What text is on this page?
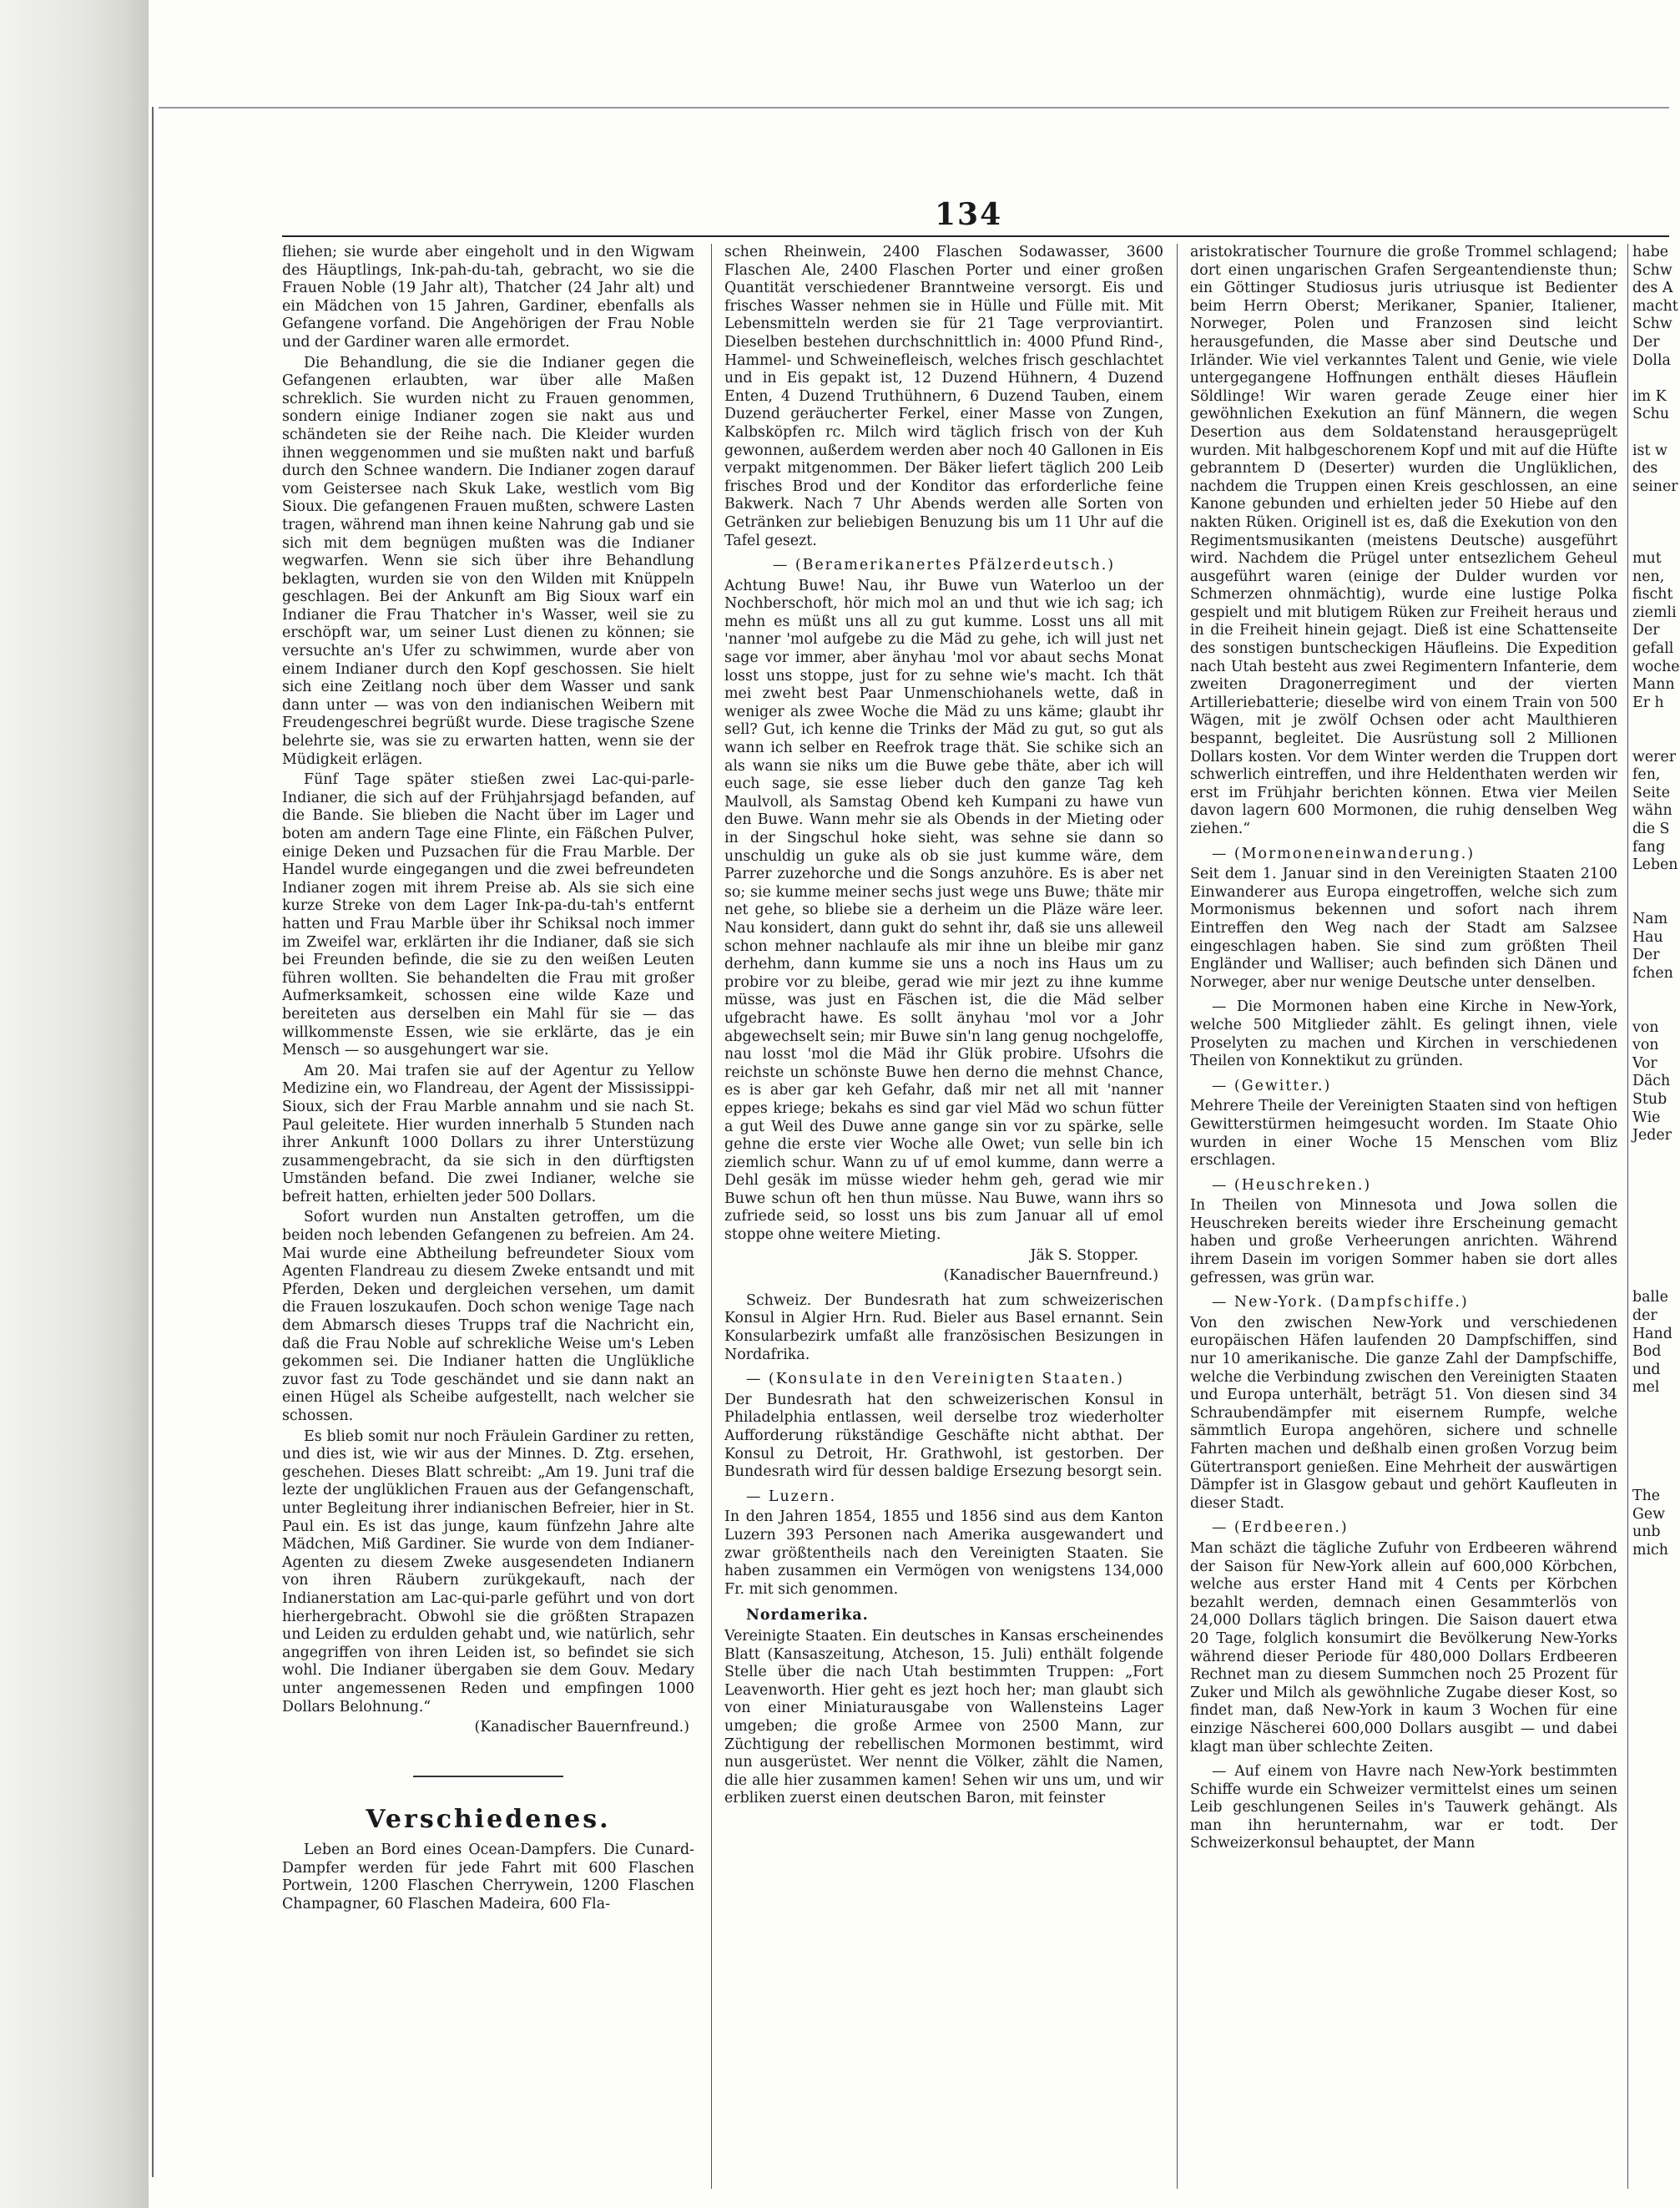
134

fliehen; sie wurde aber eingeholt und in den Wigwam des Häuptlings, Ink-pah-du-tah, gebracht, wo sie die Frauen Noble (19 Jahr alt), Thatcher (24 Jahr alt) und ein Mädchen von 15 Jahren, Gardiner, ebenfalls als Gefangene vorfand. Die Angehörigen der Frau Noble und der Gardiner waren alle ermordet.

Die Behandlung, die sie die Indianer gegen die Gefangenen erlaubten, war über alle Maßen schreklich. Sie wurden nicht zu Frauen genommen, sondern einige Indianer zogen sie nakt aus und schändeten sie der Reihe nach. Die Kleider wurden ihnen weggenommen und sie mußten nakt und barfuß durch den Schnee wandern. Die Indianer zogen darauf vom Geistersee nach Skuk Lake, westlich vom Big Sioux. Die gefangenen Frauen mußten, schwere Lasten tragen, während man ihnen keine Nahrung gab und sie sich mit dem begnügen mußten was die Indianer wegwarfen. Wenn sie sich über ihre Behandlung beklagten, wurden sie von den Wilden mit Knüppeln geschlagen. Bei der Ankunft am Big Sioux warf ein Indianer die Frau Thatcher in's Wasser, weil sie zu erschöpft war, um seiner Lust dienen zu können; sie versuchte an's Ufer zu schwimmen, wurde aber von einem Indianer durch den Kopf geschossen. Sie hielt sich eine Zeitlang noch über dem Wasser und sank dann unter — was von den indianischen Weibern mit Freudengeschrei begrüßt wurde. Diese tragische Szene belehrte sie, was sie zu erwarten hatten, wenn sie der Müdigkeit erlägen.

Fünf Tage später stießen zwei Lac-qui-parle-Indianer, die sich auf der Frühjahrsjagd befanden, auf die Bande. Sie blieben die Nacht über im Lager und boten am andern Tage eine Flinte, ein Fäßchen Pulver, einige Deken und Puzsachen für die Frau Marble. Der Handel wurde eingegangen und die zwei befreundeten Indianer zogen mit ihrem Preise ab. Als sie sich eine kurze Streke von dem Lager Ink-pa-du-tah's entfernt hatten und Frau Marble über ihr Schiksal noch immer im Zweifel war, erklärten ihr die Indianer, daß sie sich bei Freunden befinde, die sie zu den weißen Leuten führen wollten. Sie behandelten die Frau mit großer Aufmerksamkeit, schossen eine wilde Kaze und bereiteten aus derselben ein Mahl für sie — das willkommenste Essen, wie sie erklärte, das je ein Mensch — so ausgehungert war sie.

Am 20. Mai trafen sie auf der Agentur zu Yellow Medizine ein, wo Flandreau, der Agent der Mississippi-Sioux, sich der Frau Marble annahm und sie nach St. Paul geleitete. Hier wurden innerhalb 5 Stunden nach ihrer Ankunft 1000 Dollars zu ihrer Unterstüzung zusammengebracht, da sie sich in den dürftigsten Umständen befand. Die zwei Indianer, welche sie befreit hatten, erhielten jeder 500 Dollars.

Sofort wurden nun Anstalten getroffen, um die beiden noch lebenden Gefangenen zu befreien. Am 24. Mai wurde eine Abtheilung befreundeter Sioux vom Agenten Flandreau zu diesem Zweke entsandt und mit Pferden, Deken und dergleichen versehen, um damit die Frauen loszukaufen. Doch schon wenige Tage nach dem Abmarsch dieses Trupps traf die Nachricht ein, daß die Frau Noble auf schrekliche Weise um's Leben gekommen sei. Die Indianer hatten die Unglükliche zuvor fast zu Tode geschändet und sie dann nakt an einen Hügel als Scheibe aufgestellt, nach welcher sie schossen.

Es blieb somit nur noch Fräulein Gardiner zu retten, und dies ist, wie wir aus der Minnes. D. Ztg. ersehen, geschehen. Dieses Blatt schreibt: „Am 19. Juni traf die lezte der unglüklichen Frauen aus der Gefangenschaft, unter Begleitung ihrer indianischen Befreier, hier in St. Paul ein. Es ist das junge, kaum fünfzehn Jahre alte Mädchen, Miß Gardiner. Sie wurde von dem Indianer-Agenten zu diesem Zweke ausgesendeten Indianern von ihren Räubern zurükgekauft, nach der Indianerstation am Lac-qui-parle geführt und von dort hierhergebracht. Obwohl sie die größten Strapazen und Leiden zu erdulden gehabt und, wie natürlich, sehr angegriffen von ihren Leiden ist, so befindet sie sich wohl. Die Indianer übergaben sie dem Gouv. Medary unter angemessenen Reden und empfingen 1000 Dollars Belohnung.“

(Kanadischer Bauernfreund.)

Verschiedenes.

Leben an Bord eines Ocean-Dampfers. Die Cunard-Dampfer werden für jede Fahrt mit 600 Flaschen Portwein, 1200 Flaschen Cherrywein, 1200 Flaschen Champagner, 60 Flaschen Madeira, 600 Fla-

schen Rheinwein, 2400 Flaschen Sodawasser, 3600 Flaschen Ale, 2400 Flaschen Porter und einer großen Quantität verschiedener Branntweine versorgt. Eis und frisches Wasser nehmen sie in Hülle und Fülle mit. Mit Lebensmitteln werden sie für 21 Tage verproviantirt. Dieselben bestehen durchschnittlich in: 4000 Pfund Rind-, Hammel- und Schweinefleisch, welches frisch geschlachtet und in Eis gepakt ist, 12 Duzend Hühnern, 4 Duzend Enten, 4 Duzend Truthühnern, 6 Duzend Tauben, einem Duzend geräucherter Ferkel, einer Masse von Zungen, Kalbsköpfen rc. Milch wird täglich frisch von der Kuh gewonnen, außerdem werden aber noch 40 Gallonen in Eis verpakt mitgenommen. Der Bäker liefert täglich 200 Leib frisches Brod und der Konditor das erforderliche feine Bakwerk. Nach 7 Uhr Abends werden alle Sorten von Getränken zur beliebigen Benuzung bis um 11 Uhr auf die Tafel gesezt.

— (Beramerikanertes Pfälzerdeutsch.)

Achtung Buwe! Nau, ihr Buwe vun Waterloo un der Nochberschoft, hör mich mol an und thut wie ich sag; ich mehn es müßt uns all zu gut kumme. Losst uns all mit 'nanner 'mol aufgebe zu die Mäd zu gehe, ich will just net sage vor immer, aber änyhau 'mol vor abaut sechs Monat losst uns stoppe, just for zu sehne wie's macht. Ich thät mei zweht best Paar Unmenschiohanels wette, daß in weniger als zwee Woche die Mäd zu uns käme; glaubt ihr sell? Gut, ich kenne die Trinks der Mäd zu gut, so gut als wann ich selber en Reefrok trage thät. Sie schike sich an als wann sie niks um die Buwe gebe thäte, aber ich will euch sage, sie esse lieber duch den ganze Tag keh Maulvoll, als Samstag Obend keh Kumpani zu hawe vun den Buwe. Wann mehr sie als Obends in der Mieting oder in der Singschul hoke sieht, was sehne sie dann so unschuldig un guke als ob sie just kumme wäre, dem Parrer zuzehorche und die Songs anzuhöre. Es is aber net so; sie kumme meiner sechs just wege uns Buwe; thäte mir net gehe, so bliebe sie a derheim un die Pläze wäre leer. Nau konsidert, dann gukt do sehnt ihr, daß sie uns alleweil schon mehner nachlaufe als mir ihne un bleibe mir ganz derhehm, dann kumme sie uns a noch ins Haus um zu probire vor zu bleibe, gerad wie mir jezt zu ihne kumme müsse, was just en Fäschen ist, die die Mäd selber ufgebracht hawe. Es sollt änyhau 'mol vor a Johr abgewechselt sein; mir Buwe sin'n lang genug nochgeloffe, nau losst 'mol die Mäd ihr Glük probire. Ufsohrs die reichste un schönste Buwe hen derno die mehnst Chance, es is aber gar keh Gefahr, daß mir net all mit 'nanner eppes kriege; bekahs es sind gar viel Mäd wo schun fütter a gut Weil des Duwe anne gange sin vor zu spärke, selle gehne die erste vier Woche alle Owet; vun selle bin ich ziemlich schur. Wann zu uf uf emol kumme, dann werre a Dehl gesäk im müsse wieder hehm geh, gerad wie mir Buwe schun oft hen thun müsse. Nau Buwe, wann ihrs so zufriede seid, so losst uns bis zum Januar all uf emol stoppe ohne weitere Mieting.

Jäk S. Stopper.

(Kanadischer Bauernfreund.)

Schweiz. Der Bundesrath hat zum schweizerischen Konsul in Algier Hrn. Rud. Bieler aus Basel ernannt. Sein Konsularbezirk umfaßt alle französischen Besizungen in Nordafrika.

— (Konsulate in den Vereinigten Staaten.)

Der Bundesrath hat den schweizerischen Konsul in Philadelphia entlassen, weil derselbe troz wiederholter Aufforderung rükständige Geschäfte nicht abthat. Der Konsul zu Detroit, Hr. Grathwohl, ist gestorben. Der Bundesrath wird für dessen baldige Ersezung besorgt sein.

— Luzern.

In den Jahren 1854, 1855 und 1856 sind aus dem Kanton Luzern 393 Personen nach Amerika ausgewandert und zwar größtentheils nach den Vereinigten Staaten. Sie haben zusammen ein Vermögen von wenigstens 134,000 Fr. mit sich genommen.

Nordamerika.

Vereinigte Staaten. Ein deutsches in Kansas erscheinendes Blatt (Kansaszeitung, Atcheson, 15. Juli) enthält folgende Stelle über die nach Utah bestimmten Truppen: „Fort Leavenworth. Hier geht es jezt hoch her; man glaubt sich von einer Miniaturausgabe von Wallensteins Lager umgeben; die große Armee von 2500 Mann, zur Züchtigung der rebellischen Mormonen bestimmt, wird nun ausgerüstet. Wer nennt die Völker, zählt die Namen, die alle hier zusammen kamen! Sehen wir uns um, und wir erbliken zuerst einen deutschen Baron, mit feinster

aristokratischer Tournure die große Trommel schlagend; dort einen ungarischen Grafen Sergeantendienste thun; ein Göttinger Studiosus juris utriusque ist Bedienter beim Herrn Oberst; Merikaner, Spanier, Italiener, Norweger, Polen und Franzosen sind leicht herausgefunden, die Masse aber sind Deutsche und Irländer. Wie viel verkanntes Talent und Genie, wie viele untergegangene Hoffnungen enthält dieses Häuflein Söldlinge! Wir waren gerade Zeuge einer hier gewöhnlichen Exekution an fünf Männern, die wegen Desertion aus dem Soldatenstand herausgeprügelt wurden. Mit halbgeschorenem Kopf und mit auf die Hüfte gebranntem D (Deserter) wurden die Unglüklichen, nachdem die Truppen einen Kreis geschlossen, an eine Kanone gebunden und erhielten jeder 50 Hiebe auf den nakten Rüken. Originell ist es, daß die Exekution von den Regimentsmusikanten (meistens Deutsche) ausgeführt wird. Nachdem die Prügel unter entsezlichem Geheul ausgeführt waren (einige der Dulder wurden vor Schmerzen ohnmächtig), wurde eine lustige Polka gespielt und mit blutigem Rüken zur Freiheit heraus und in die Freiheit hinein gejagt. Dieß ist eine Schattenseite des sonstigen buntscheckigen Häufleins. Die Expedition nach Utah besteht aus zwei Regimentern Infanterie, dem zweiten Dragonerregiment und der vierten Artilleriebatterie; dieselbe wird von einem Train von 500 Wägen, mit je zwölf Ochsen oder acht Maulthieren bespannt, begleitet. Die Ausrüstung soll 2 Millionen Dollars kosten. Vor dem Winter werden die Truppen dort schwerlich eintreffen, und ihre Heldenthaten werden wir erst im Frühjahr berichten können. Etwa vier Meilen davon lagern 600 Mormonen, die ruhig denselben Weg ziehen.“

— (Mormoneneinwanderung.)

Seit dem 1. Januar sind in den Vereinigten Staaten 2100 Einwanderer aus Europa eingetroffen, welche sich zum Mormonismus bekennen und sofort nach ihrem Eintreffen den Weg nach der Stadt am Salzsee eingeschlagen haben. Sie sind zum größten Theil Engländer und Walliser; auch befinden sich Dänen und Norweger, aber nur wenige Deutsche unter denselben.

— Die Mormonen haben eine Kirche in New-York, welche 500 Mitglieder zählt. Es gelingt ihnen, viele Proselyten zu machen und Kirchen in verschiedenen Theilen von Konnektikut zu gründen.

— (Gewitter.)

Mehrere Theile der Vereinigten Staaten sind von heftigen Gewitterstürmen heimgesucht worden. Im Staate Ohio wurden in einer Woche 15 Menschen vom Bliz erschlagen.

— (Heuschreken.)

In Theilen von Minnesota und Jowa sollen die Heuschreken bereits wieder ihre Erscheinung gemacht haben und große Verheerungen anrichten. Während ihrem Dasein im vorigen Sommer haben sie dort alles gefressen, was grün war.

— New-York. (Dampfschiffe.)

Von den zwischen New-York und verschiedenen europäischen Häfen laufenden 20 Dampfschiffen, sind nur 10 amerikanische. Die ganze Zahl der Dampfschiffe, welche die Verbindung zwischen den Vereinigten Staaten und Europa unterhält, beträgt 51. Von diesen sind 34 Schraubendämpfer mit eisernem Rumpfe, welche sämmtlich Europa angehören, sichere und schnelle Fahrten machen und deßhalb einen großen Vorzug beim Gütertransport genießen. Eine Mehrheit der auswärtigen Dämpfer ist in Glasgow gebaut und gehört Kaufleuten in dieser Stadt.

— (Erdbeeren.)

Man schäzt die tägliche Zufuhr von Erdbeeren während der Saison für New-York allein auf 600,000 Körbchen, welche aus erster Hand mit 4 Cents per Körbchen bezahlt werden, demnach einen Gesammterlös von 24,000 Dollars täglich bringen. Die Saison dauert etwa 20 Tage, folglich konsumirt die Bevölkerung New-Yorks während dieser Periode für 480,000 Dollars Erdbeeren Rechnet man zu diesem Summchen noch 25 Prozent für Zuker und Milch als gewöhnliche Zugabe dieser Kost, so findet man, daß New-York in kaum 3 Wochen für eine einzige Näscherei 600,000 Dollars ausgibt — und dabei klagt man über schlechte Zeiten.

— Auf einem von Havre nach New-York bestimmten Schiffe wurde ein Schweizer vermittelst eines um seinen Leib geschlungenen Seiles in's Tauwerk gehängt. Als man ihn herunternahm, war er todt. Der Schweizerkonsul behauptet, der Mann

habe
Schw
des A
macht
Schw
Der
Dolla
im K
Schu
ist w
des
seiner
mut
nen,
fischt
ziemli
Der
gefall
woche
Mann
Er h
werer
fen,
Seite
wähn
die S
fang
Leben
Nam
Hau
Der
fchen
von
von
Vor
Däch
Stub
Wie
Jeder
balle
der
Hand
Bod
und
mel
The
Gew
unb
mich
